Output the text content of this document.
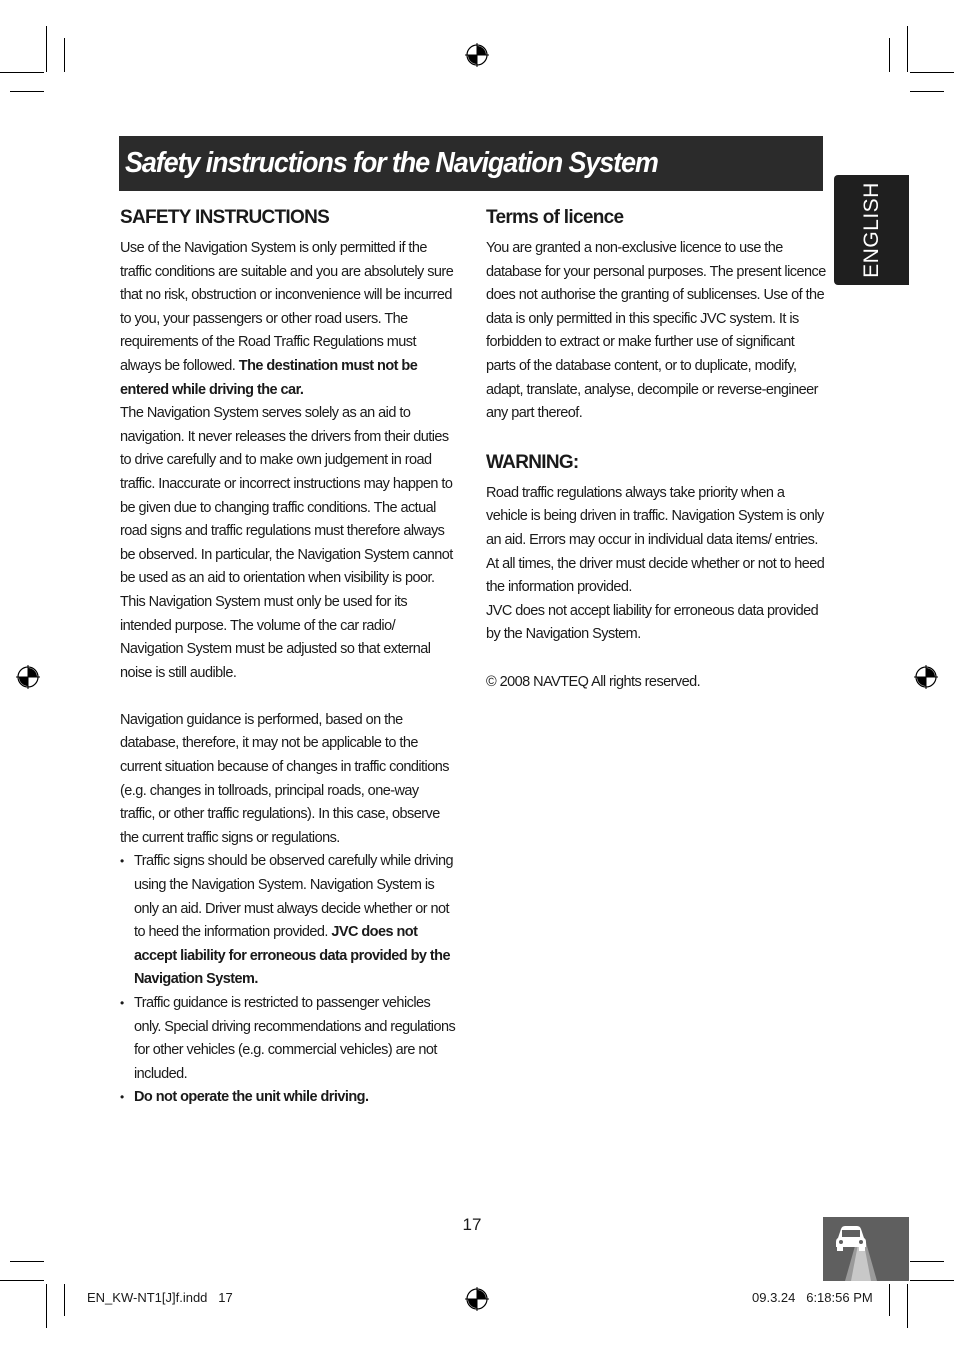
Safety instructions for the Navigation System
ENGLISH
SAFETY INSTRUCTIONS

Use of the Navigation System is only permitted if the traffic conditions are suitable and you are absolutely sure that no risk, obstruction or inconvenience will be incurred to you, your passengers or other road users. The requirements of the Road Traffic Regulations must always be followed. The destination must not be entered while driving the car.

The Navigation System serves solely as an aid to navigation. It never releases the drivers from their duties to drive carefully and to make own judgement in road traffic. Inaccurate or incorrect instructions may happen to be given due to changing traffic conditions. The actual road signs and traffic regulations must therefore always be observed. In particular, the Navigation System cannot be used as an aid to orientation when visibility is poor.

This Navigation System must only be used for its intended purpose. The volume of the car radio/ Navigation System must be adjusted so that external noise is still audible.

Navigation guidance is performed, based on the database, therefore, it may not be applicable to the current situation because of changes in traffic conditions (e.g. changes in tollroads, principal roads, one-way traffic, or other traffic regulations). In this case, observe the current traffic signs or regulations.

• Traffic signs should be observed carefully while driving using the Navigation System. Navigation System is only an aid. Driver must always decide whether or not to heed the information provided. JVC does not accept liability for erroneous data provided by the Navigation System.
• Traffic guidance is restricted to passenger vehicles only. Special driving recommendations and regulations for other vehicles (e.g. commercial vehicles) are not included.
• Do not operate the unit while driving.
Terms of licence

You are granted a non-exclusive licence to use the database for your personal purposes. The present licence does not authorise the granting of sublicenses. Use of the data is only permitted in this specific JVC system. It is forbidden to extract or make further use of significant parts of the database content, or to duplicate, modify, adapt, translate, analyse, decompile or reverse-engineer any part thereof.

WARNING:

Road traffic regulations always take priority when a vehicle is being driven in traffic. Navigation System is only an aid. Errors may occur in individual data items/ entries. At all times, the driver must decide whether or not to heed the information provided.

JVC does not accept liability for erroneous data provided by the Navigation System.

© 2008 NAVTEQ All rights reserved.

17
EN_KW-NT1[J]f.indd   17	09.3.24   6:18:56 PM
